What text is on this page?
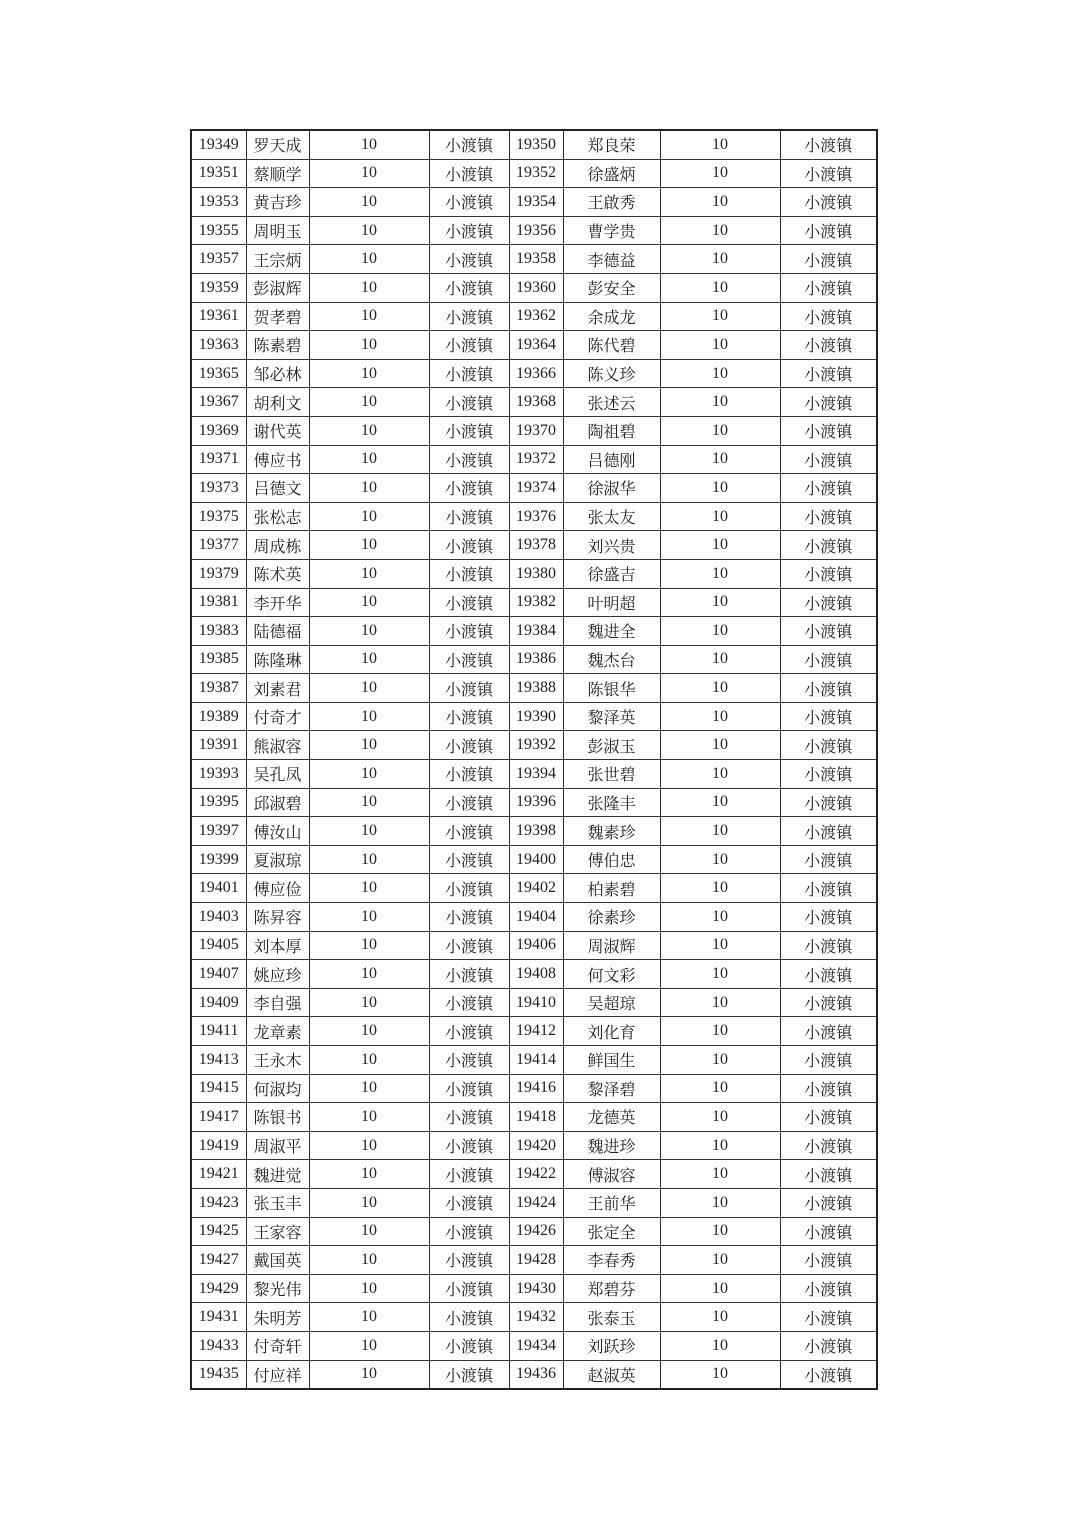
19349	罗天成	10	小渡镇	19350	郑良荣	10	小渡镇
19351	蔡顺学	10	小渡镇	19352	徐盛炳	10	小渡镇
19353	黄吉珍	10	小渡镇	19354	王啟秀	10	小渡镇
19355	周明玉	10	小渡镇	19356	曹学贵	10	小渡镇
19357	王宗炳	10	小渡镇	19358	李德益	10	小渡镇
19359	彭淑辉	10	小渡镇	19360	彭安全	10	小渡镇
19361	贺孝碧	10	小渡镇	19362	余成龙	10	小渡镇
19363	陈素碧	10	小渡镇	19364	陈代碧	10	小渡镇
19365	邹必林	10	小渡镇	19366	陈义珍	10	小渡镇
19367	胡利文	10	小渡镇	19368	张述云	10	小渡镇
19369	谢代英	10	小渡镇	19370	陶祖碧	10	小渡镇
19371	傅应书	10	小渡镇	19372	吕德刚	10	小渡镇
19373	吕德文	10	小渡镇	19374	徐淑华	10	小渡镇
19375	张松志	10	小渡镇	19376	张太友	10	小渡镇
19377	周成栋	10	小渡镇	19378	刘兴贵	10	小渡镇
19379	陈术英	10	小渡镇	19380	徐盛吉	10	小渡镇
19381	李开华	10	小渡镇	19382	叶明超	10	小渡镇
19383	陆德福	10	小渡镇	19384	魏进全	10	小渡镇
19385	陈隆琳	10	小渡镇	19386	魏杰台	10	小渡镇
19387	刘素君	10	小渡镇	19388	陈银华	10	小渡镇
19389	付奇才	10	小渡镇	19390	黎泽英	10	小渡镇
19391	熊淑容	10	小渡镇	19392	彭淑玉	10	小渡镇
19393	吴孔凤	10	小渡镇	19394	张世碧	10	小渡镇
19395	邱淑碧	10	小渡镇	19396	张隆丰	10	小渡镇
19397	傅汝山	10	小渡镇	19398	魏素珍	10	小渡镇
19399	夏淑琼	10	小渡镇	19400	傅伯忠	10	小渡镇
19401	傅应俭	10	小渡镇	19402	柏素碧	10	小渡镇
19403	陈昇容	10	小渡镇	19404	徐素珍	10	小渡镇
19405	刘本厚	10	小渡镇	19406	周淑辉	10	小渡镇
19407	姚应珍	10	小渡镇	19408	何文彩	10	小渡镇
19409	李自强	10	小渡镇	19410	吴超琼	10	小渡镇
19411	龙章素	10	小渡镇	19412	刘化育	10	小渡镇
19413	王永木	10	小渡镇	19414	鲜国生	10	小渡镇
19415	何淑均	10	小渡镇	19416	黎泽碧	10	小渡镇
19417	陈银书	10	小渡镇	19418	龙德英	10	小渡镇
19419	周淑平	10	小渡镇	19420	魏进珍	10	小渡镇
19421	魏进觉	10	小渡镇	19422	傅淑容	10	小渡镇
19423	张玉丰	10	小渡镇	19424	王前华	10	小渡镇
19425	王家容	10	小渡镇	19426	张定全	10	小渡镇
19427	戴国英	10	小渡镇	19428	李春秀	10	小渡镇
19429	黎光伟	10	小渡镇	19430	郑碧芬	10	小渡镇
19431	朱明芳	10	小渡镇	19432	张泰玉	10	小渡镇
19433	付奇轩	10	小渡镇	19434	刘跃珍	10	小渡镇
19435	付应祥	10	小渡镇	19436	赵淑英	10	小渡镇
